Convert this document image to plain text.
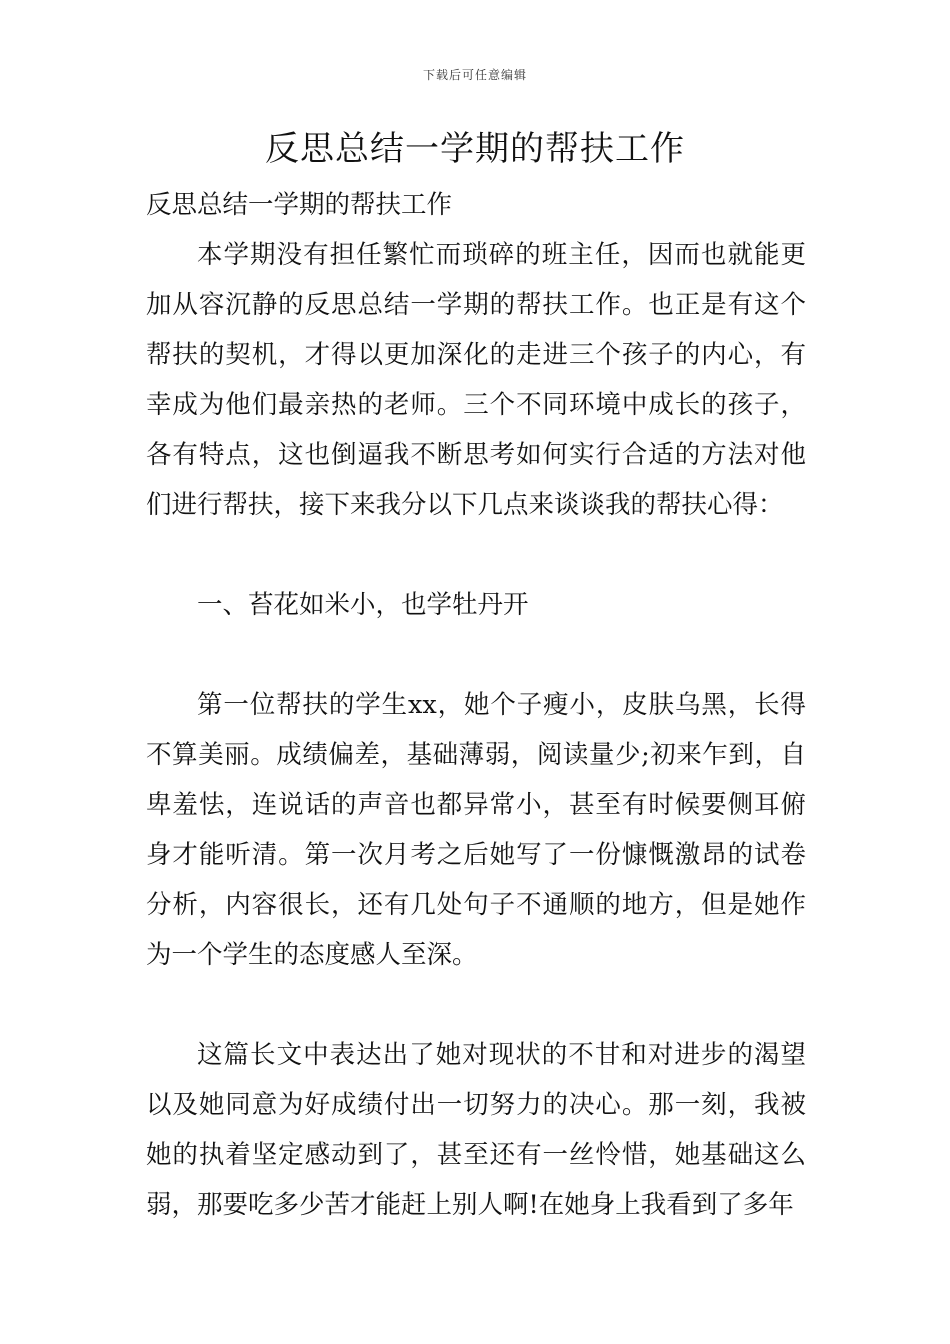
下载后可任意编辑
反思总结一学期的帮扶工作

反思总结一学期的帮扶工作

本学期没有担任繁忙而琐碎的班主任，因而也就能更加从容沉静的反思总结一学期的帮扶工作。也正是有这个帮扶的契机，才得以更加深化的走进三个孩子的内心，有幸成为他们最亲热的老师。三个不同环境中成长的孩子，各有特点，这也倒逼我不断思考如何实行合适的方法对他们进行帮扶，接下来我分以下几点来谈谈我的帮扶心得：

一、苔花如米小，也学牡丹开

第一位帮扶的学生xx，她个子瘦小，皮肤乌黑，长得不算美丽。成绩偏差，基础薄弱，阅读量少;初来乍到，自卑羞怯，连说话的声音也都异常小，甚至有时候要侧耳俯身才能听清。第一次月考之后她写了一份慷慨激昂的试卷分析，内容很长，还有几处句子不通顺的地方，但是她作为一个学生的态度感人至深。

这篇长文中表达出了她对现状的不甘和对进步的渴望以及她同意为好成绩付出一切努力的决心。那一刻，我被她的执着坚定感动到了，甚至还有一丝怜惜，她基础这么弱，那要吃多少苦才能赶上别人啊!在她身上我看到了多年
